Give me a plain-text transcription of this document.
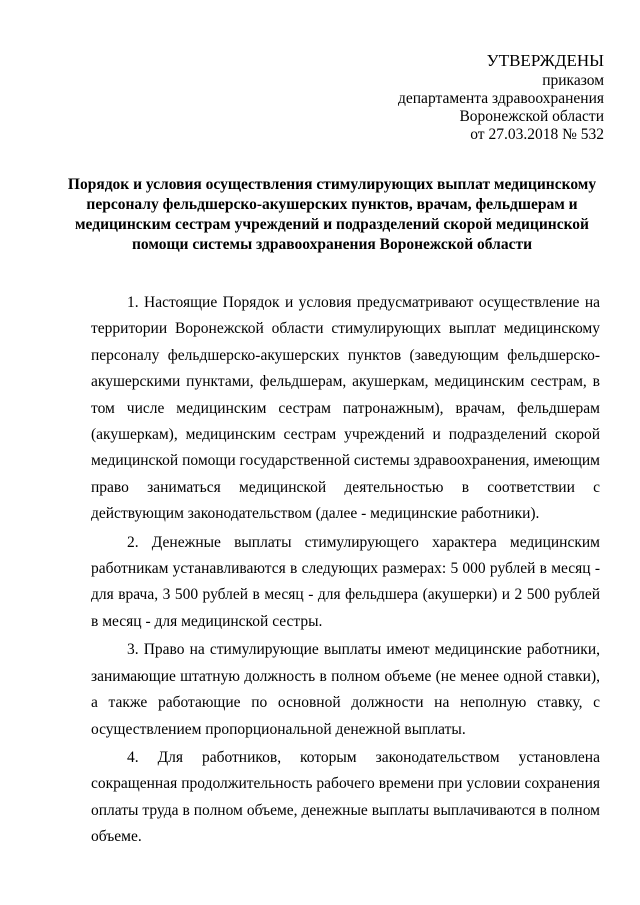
УТВЕРЖДЕНЫ
приказом
департамента здравоохранения
Воронежской области
от 27.03.2018 № 532
Порядок и условия осуществления стимулирующих выплат медицинскому персоналу фельдшерско-акушерских пунктов, врачам, фельдшерам и медицинским сестрам учреждений и подразделений скорой медицинской помощи системы здравоохранения Воронежской области

1. Настоящие Порядок и условия предусматривают осуществление на территории Воронежской области стимулирующих выплат медицинскому персоналу фельдшерско-акушерских пунктов (заведующим фельдшерско-акушерскими пунктами, фельдшерам, акушеркам, медицинским сестрам, в том числе медицинским сестрам патронажным), врачам, фельдшерам (акушеркам), медицинским сестрам учреждений и подразделений скорой медицинской помощи государственной системы здравоохранения, имеющим право заниматься медицинской деятельностью в соответствии с действующим законодательством (далее - медицинские работники).

2. Денежные выплаты стимулирующего характера медицинским работникам устанавливаются в следующих размерах: 5 000 рублей в месяц - для врача, 3 500 рублей в месяц - для фельдшера (акушерки) и 2 500 рублей в месяц - для медицинской сестры.

3. Право на стимулирующие выплаты имеют медицинские работники, занимающие штатную должность в полном объеме (не менее одной ставки), а также работающие по основной должности на неполную ставку, с осуществлением пропорциональной денежной выплаты.

4. Для работников, которым законодательством установлена сокращенная продолжительность рабочего времени при условии сохранения оплаты труда в полном объеме, денежные выплаты выплачиваются в полном объеме.
